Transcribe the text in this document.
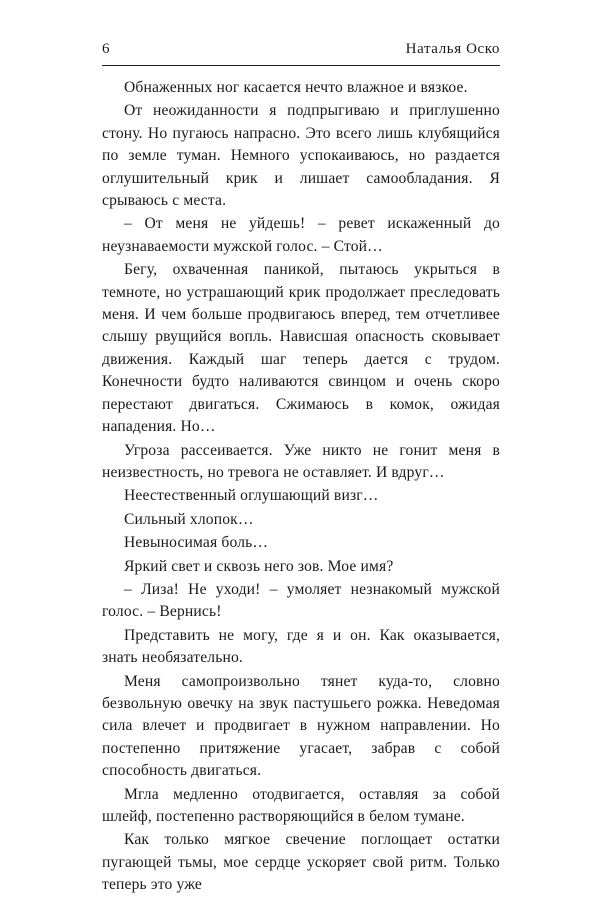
6	Наталья Оско

Обнаженных ног касается нечто влажное и вязкое.

От неожиданности я подпрыгиваю и приглушенно стону. Но пугаюсь напрасно. Это всего лишь клубящийся по земле туман. Немного успокаиваюсь, но раздается оглушительный крик и лишает самообладания. Я срываюсь с места.

– От меня не уйдешь! – ревет искаженный до неузнаваемости мужской голос. – Стой…

Бегу, охваченная паникой, пытаюсь укрыться в темноте, но устрашающий крик продолжает преследовать меня. И чем больше продвигаюсь вперед, тем отчетливее слышу рвущийся вопль. Нависшая опасность сковывает движения. Каждый шаг теперь дается с трудом. Конечности будто наливаются свинцом и очень скоро перестают двигаться. Сжимаюсь в комок, ожидая нападения. Но…

Угроза рассеивается. Уже никто не гонит меня в неизвестность, но тревога не оставляет. И вдруг…

Неестественный оглушающий визг…

Сильный хлопок…

Невыносимая боль…

Яркий свет и сквозь него зов. Мое имя?

– Лиза! Не уходи! – умоляет незнакомый мужской голос. – Вернись!

Представить не могу, где я и он. Как оказывается, знать необязательно.

Меня самопроизвольно тянет куда-то, словно безвольную овечку на звук пастушьего рожка. Неведомая сила влечет и продвигает в нужном направлении. Но постепенно притяжение угасает, забрав с собой способность двигаться.

Мгла медленно отодвигается, оставляя за собой шлейф, постепенно растворяющийся в белом тумане.

Как только мягкое свечение поглощает остатки пугающей тьмы, мое сердце ускоряет свой ритм. Только теперь это уже
